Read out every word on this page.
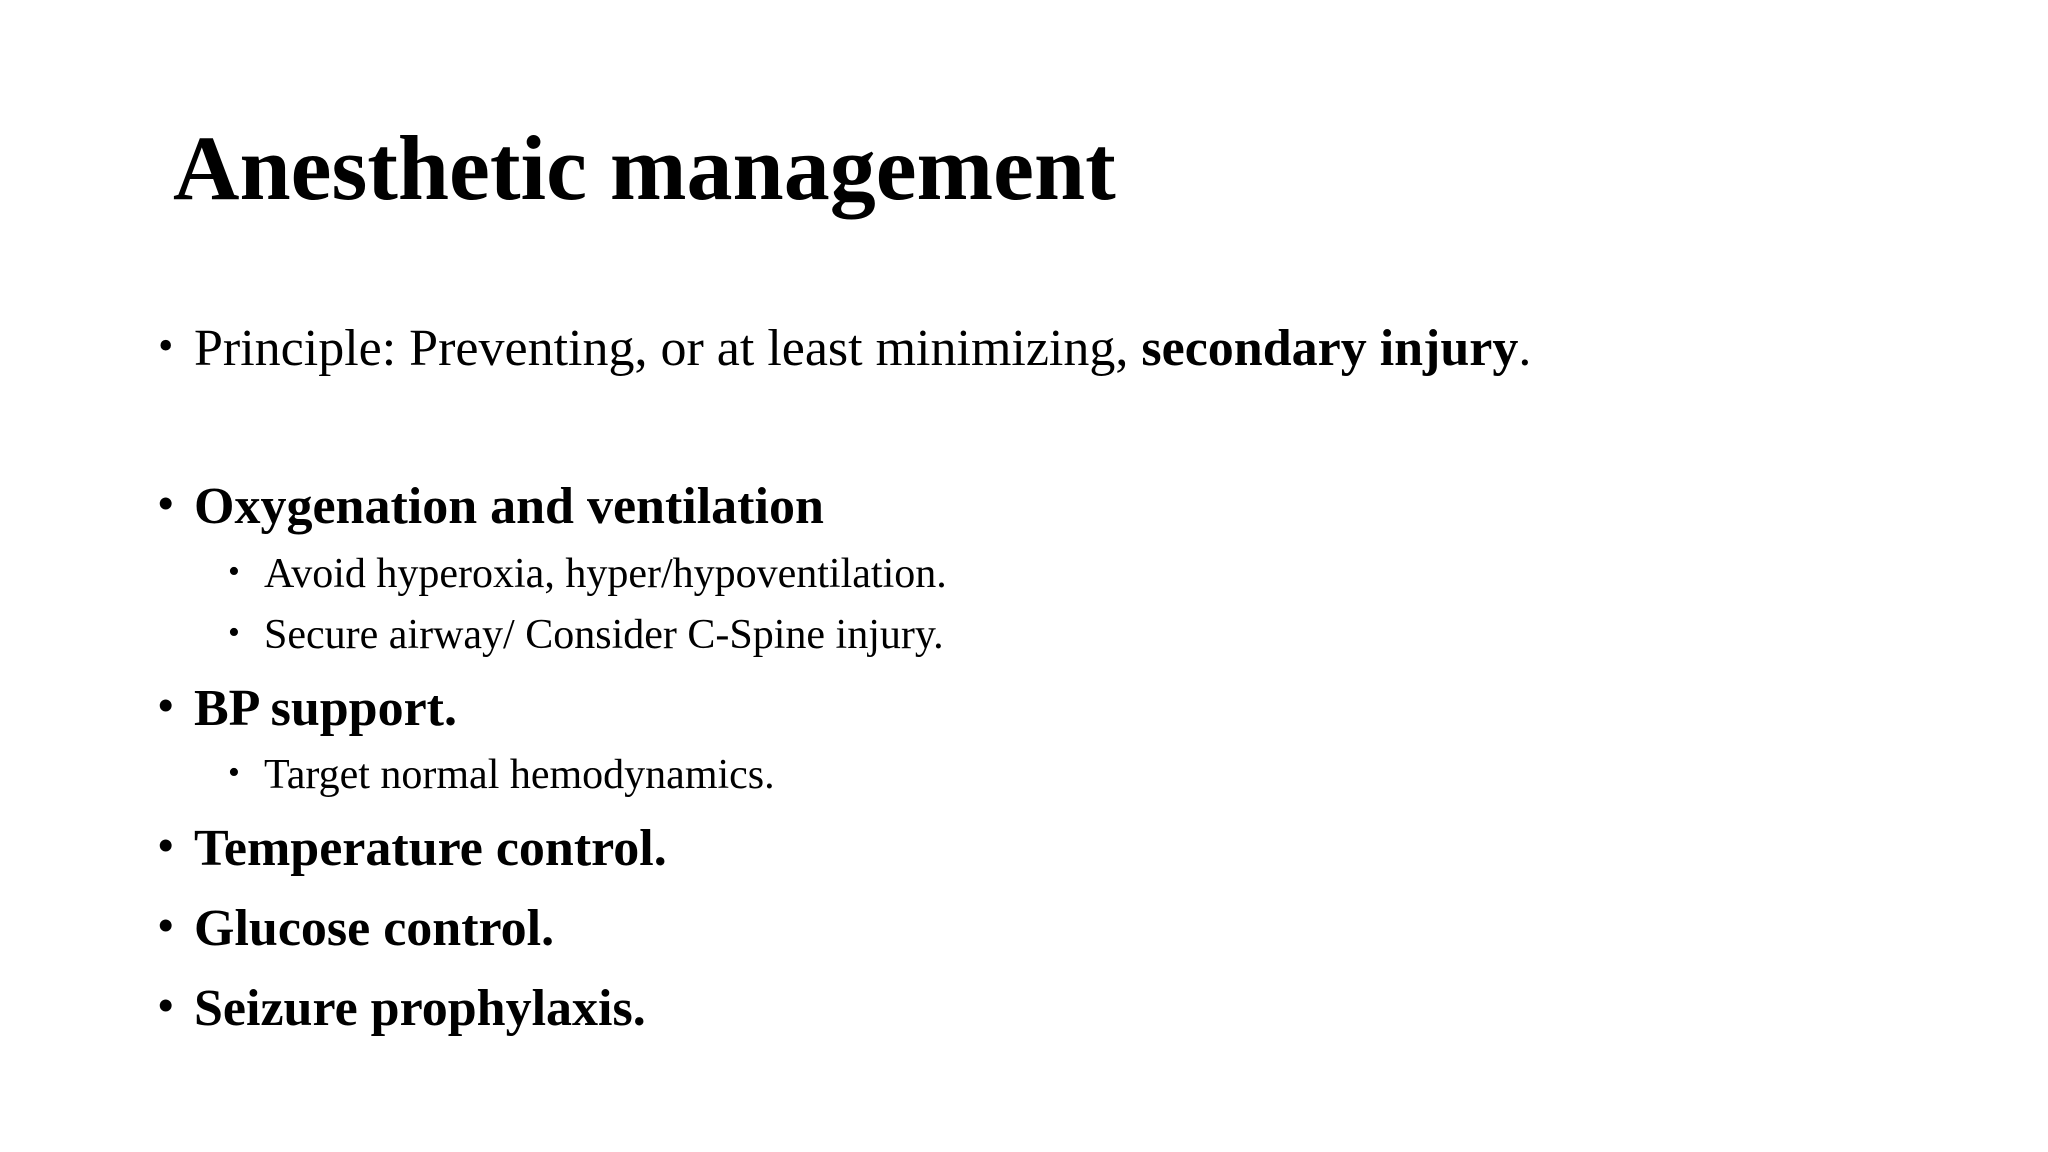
Anesthetic management
• Principle: Preventing, or at least minimizing, secondary injury.
• Oxygenation and ventilation
• Avoid hyperoxia, hyper/hypoventilation.
• Secure airway/ Consider C-Spine injury.
• BP support.
• Target normal hemodynamics.
• Temperature control.
• Glucose control.
• Seizure prophylaxis.
